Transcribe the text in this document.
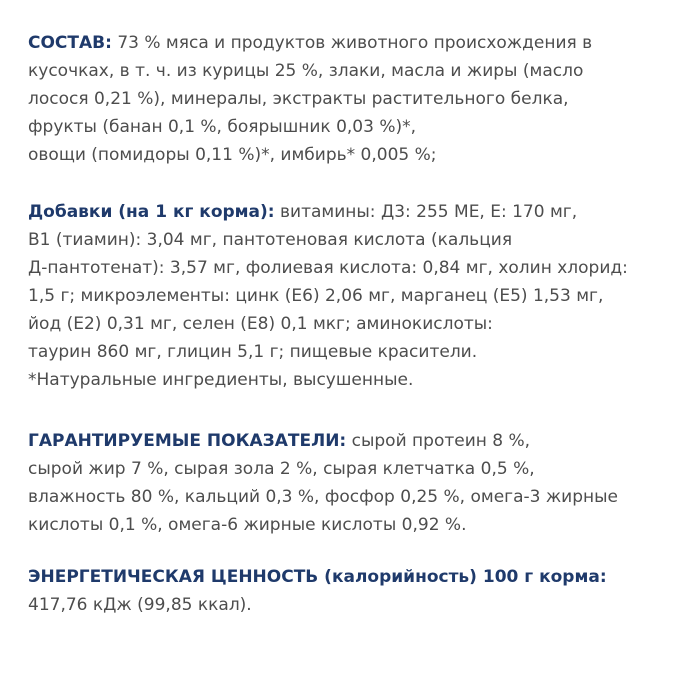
СОСТАВ: 73 % мяса и продуктов животного происхождения в
кусочках, в т. ч. из курицы 25 %, злаки, масла и жиры (масло
лосося 0,21 %), минералы, экстракты растительного белка,
фрукты (банан 0,1 %, боярышник 0,03 %)*,
овощи (помидоры 0,11 %)*, имбирь* 0,005 %;
Добавки (на 1 кг корма): витамины: Д3: 255 МЕ, Е: 170 мг,
В1 (тиамин): 3,04 мг, пантотеновая кислота (кальция
Д-пантотенат): 3,57 мг, фолиевая кислота: 0,84 мг, холин хлорид:
1,5 г; микроэлементы: цинк (Е6) 2,06 мг, марганец (Е5) 1,53 мг,
йод (Е2) 0,31 мг, селен (Е8) 0,1 мкг; аминокислоты:
таурин 860 мг, глицин 5,1 г; пищевые красители.
*Натуральные ингредиенты, высушенные.
ГАРАНТИРУЕМЫЕ ПОКАЗАТЕЛИ: сырой протеин 8 %,
сырой жир 7 %, сырая зола 2 %, сырая клетчатка 0,5 %,
влажность 80 %, кальций 0,3 %, фосфор 0,25 %, омега-3 жирные
кислоты 0,1 %, омега-6 жирные кислоты 0,92 %.
ЭНЕРГЕТИЧЕСКАЯ ЦЕННОСТЬ (калорийность) 100 г корма:
417,76 кДж (99,85 ккал).
